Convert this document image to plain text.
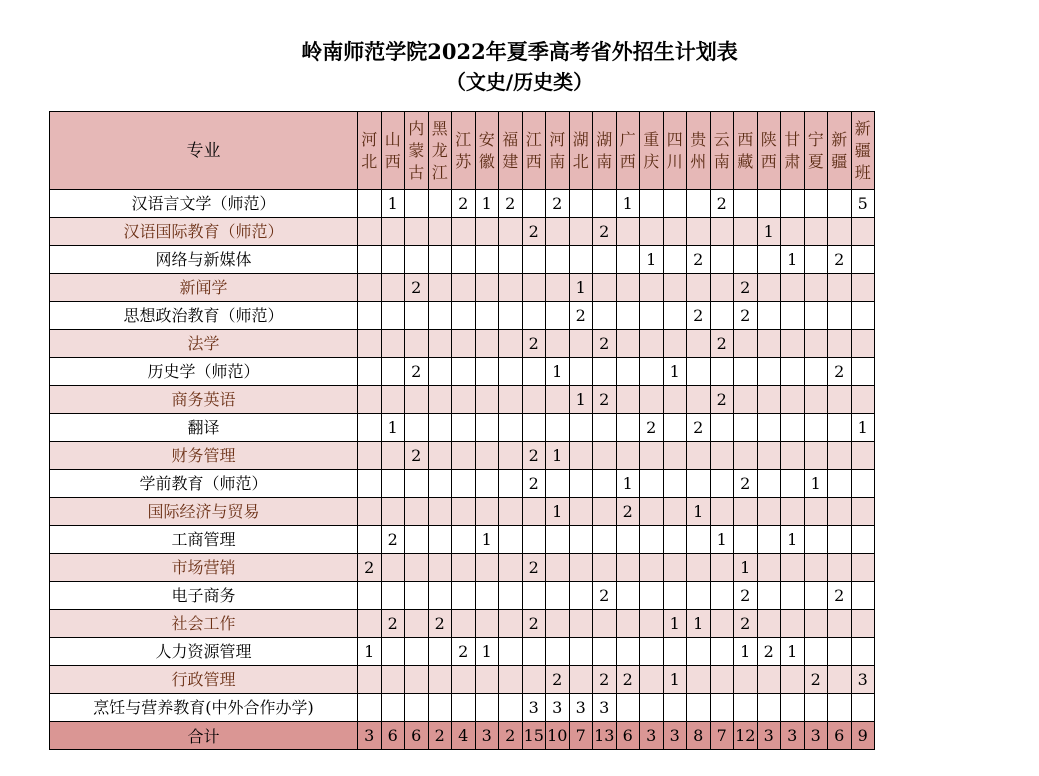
岭南师范学院2022年夏季高考省外招生计划表
（文史/历史类）
专业	河北	山西	内蒙古	黑龙江	江苏	安徽	福建	江西	河南	湖北	湖南	广西	重庆	四川	贵州	云南	西藏	陕西	甘肃	宁夏	新疆	新疆班
汉语言文学（师范）		1			2	1	2		2			1				2						5
汉语国际教育（师范）								2			2							1				
网络与新媒体													1		2				1		2	
新闻学			2							1							2					
思想政治教育（师范）										2					2		2					
法学								2			2					2						
历史学（师范）			2						1					1							2	
商务英语										1	2					2						
翻译		1											2		2							1
财务管理			2					2	1													
学前教育（师范）								2				1					2			1		
国际经济与贸易									1			2			1							
工商管理		2				1										1			1			
市场营销	2							2									1					
电子商务											2						2				2	
社会工作		2		2				2						1	1		2					
人力资源管理	1				2	1											1	2	1			
行政管理									2		2	2		1						2		3
烹饪与营养教育(中外合作办学)								3	3	3	3											
合计	3	6	6	2	4	3	2	15	10	7	13	6	3	3	8	7	12	3	3	3	6	9
